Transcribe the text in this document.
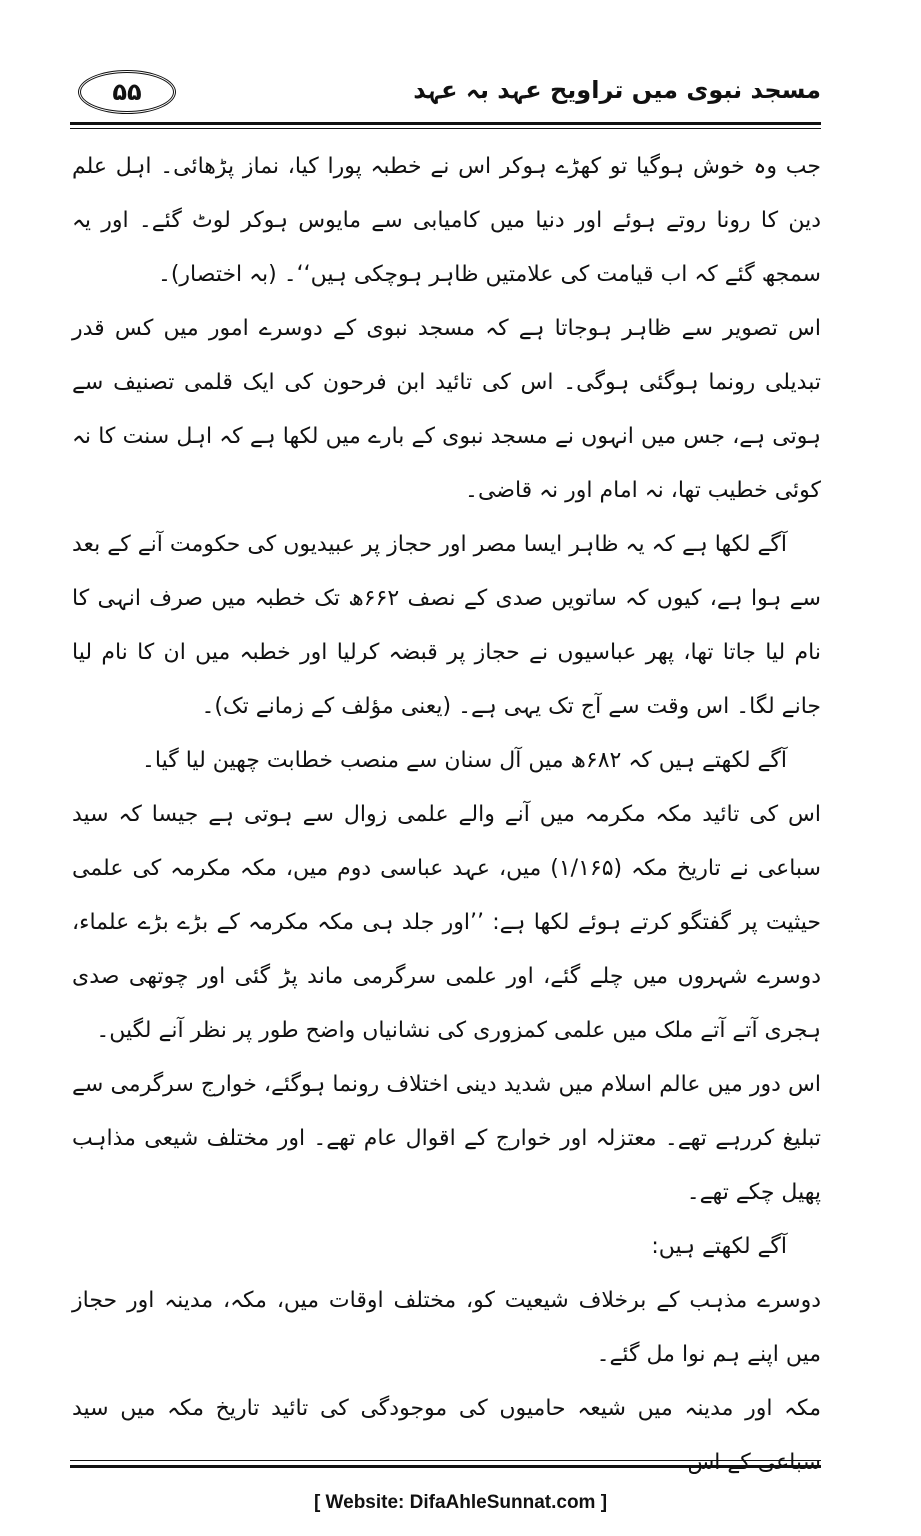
مسجد نبوی میں تراویح عہد بہ عہد
۵۵

جب وہ خوش ہوگیا تو کھڑے ہوکر اس نے خطبہ پورا کیا، نماز پڑھائی۔ اہل علم دین کا رونا روتے ہوئے اور دنیا میں کامیابی سے مایوس ہوکر لوٹ گئے۔ اور یہ سمجھ گئے کہ اب قیامت کی علامتیں ظاہر ہوچکی ہیں‘‘۔ (بہ اختصار)۔

اس تصویر سے ظاہر ہوجاتا ہے کہ مسجد نبوی کے دوسرے امور میں کس قدر تبدیلی رونما ہوگئی ہوگی۔ اس کی تائید ابن فرحون کی ایک قلمی تصنیف سے ہوتی ہے، جس میں انہوں نے مسجد نبوی کے بارے میں لکھا ہے کہ اہل سنت کا نہ کوئی خطیب تھا، نہ امام اور نہ قاضی۔

آگے لکھا ہے کہ یہ ظاہر ایسا مصر اور حجاز پر عبیدیوں کی حکومت آنے کے بعد سے ہوا ہے، کیوں کہ ساتویں صدی کے نصف ۶۶۲ھ تک خطبہ میں صرف انہی کا نام لیا جاتا تھا، پھر عباسیوں نے حجاز پر قبضہ کرلیا اور خطبہ میں ان کا نام لیا جانے لگا۔ اس وقت سے آج تک یہی ہے۔ (یعنی مؤلف کے زمانے تک)۔

آگے لکھتے ہیں کہ ۶۸۲ھ میں آل سنان سے منصب خطابت چھین لیا گیا۔

اس کی تائید مکہ مکرمہ میں آنے والے علمی زوال سے ہوتی ہے جیسا کہ سید سباعی نے تاریخ مکہ (۱/۱۶۵) میں، عہد عباسی دوم میں، مکہ مکرمہ کی علمی حیثیت پر گفتگو کرتے ہوئے لکھا ہے: ’’اور جلد ہی مکہ مکرمہ کے بڑے بڑے علماء، دوسرے شہروں میں چلے گئے، اور علمی سرگرمی ماند پڑ گئی اور چوتھی صدی ہجری آتے آتے ملک میں علمی کمزوری کی نشانیاں واضح طور پر نظر آنے لگیں۔

اس دور میں عالم اسلام میں شدید دینی اختلاف رونما ہوگئے، خوارج سرگرمی سے تبلیغ کررہے تھے۔ معتزلہ اور خوارج کے اقوال عام تھے۔ اور مختلف شیعی مذاہب پھیل چکے تھے۔

آگے لکھتے ہیں:

دوسرے مذہب کے برخلاف شیعیت کو، مختلف اوقات میں، مکہ، مدینہ اور حجاز میں اپنے ہم نوا مل گئے۔

مکہ اور مدینہ میں شیعہ حامیوں کی موجودگی کی تائید تاریخ مکہ میں سید سباعی کے اس

[ Website: DifaAhleSunnat.com ]
